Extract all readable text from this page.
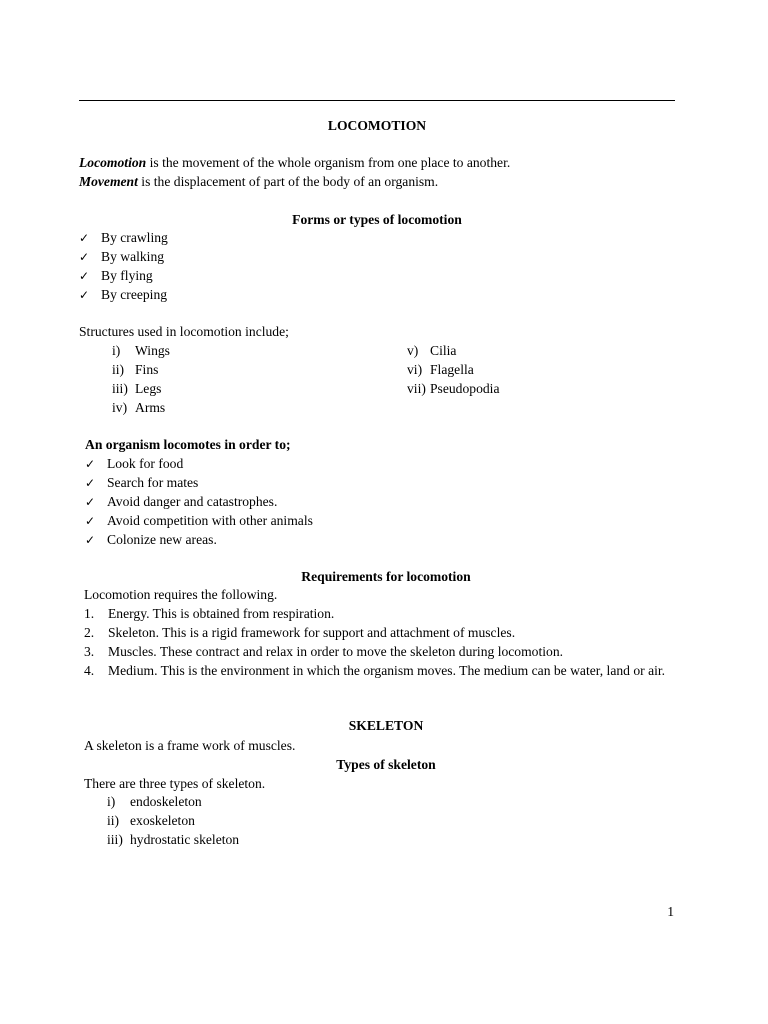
LOCOMOTION

Locomotion is the movement of the whole organism from one place to another.

Movement is the displacement of part of the body of an organism.

Forms or types of locomotion
✓ By crawling
✓ By walking
✓ By flying
✓ By creeping
Structures used in locomotion include;
i)	Wings
ii) Fins
iii) Legs
iv) Arms
v) Cilia
vi) Flagella
vii) Pseudopodia
An organism locomotes in order to;
✓ Look for food
✓ Search for mates
✓ Avoid danger and catastrophes.
✓ Avoid competition with other animals
✓ Colonize new areas.
Requirements for locomotion

Locomotion requires the following.

1.	Energy. This is obtained from respiration.
2.	Skeleton. This is a rigid framework for support and attachment of muscles.
3.	Muscles. These contract and relax in order to move the skeleton during locomotion.
4.	Medium. This is the environment in which the organism moves. The medium can be water, land or air.
SKELETON
A skeleton is a frame work of muscles.
Types of skeleton
There are three types of skeleton.
i)	endoskeleton
ii) exoskeleton
iii) hydrostatic skeleton
1
